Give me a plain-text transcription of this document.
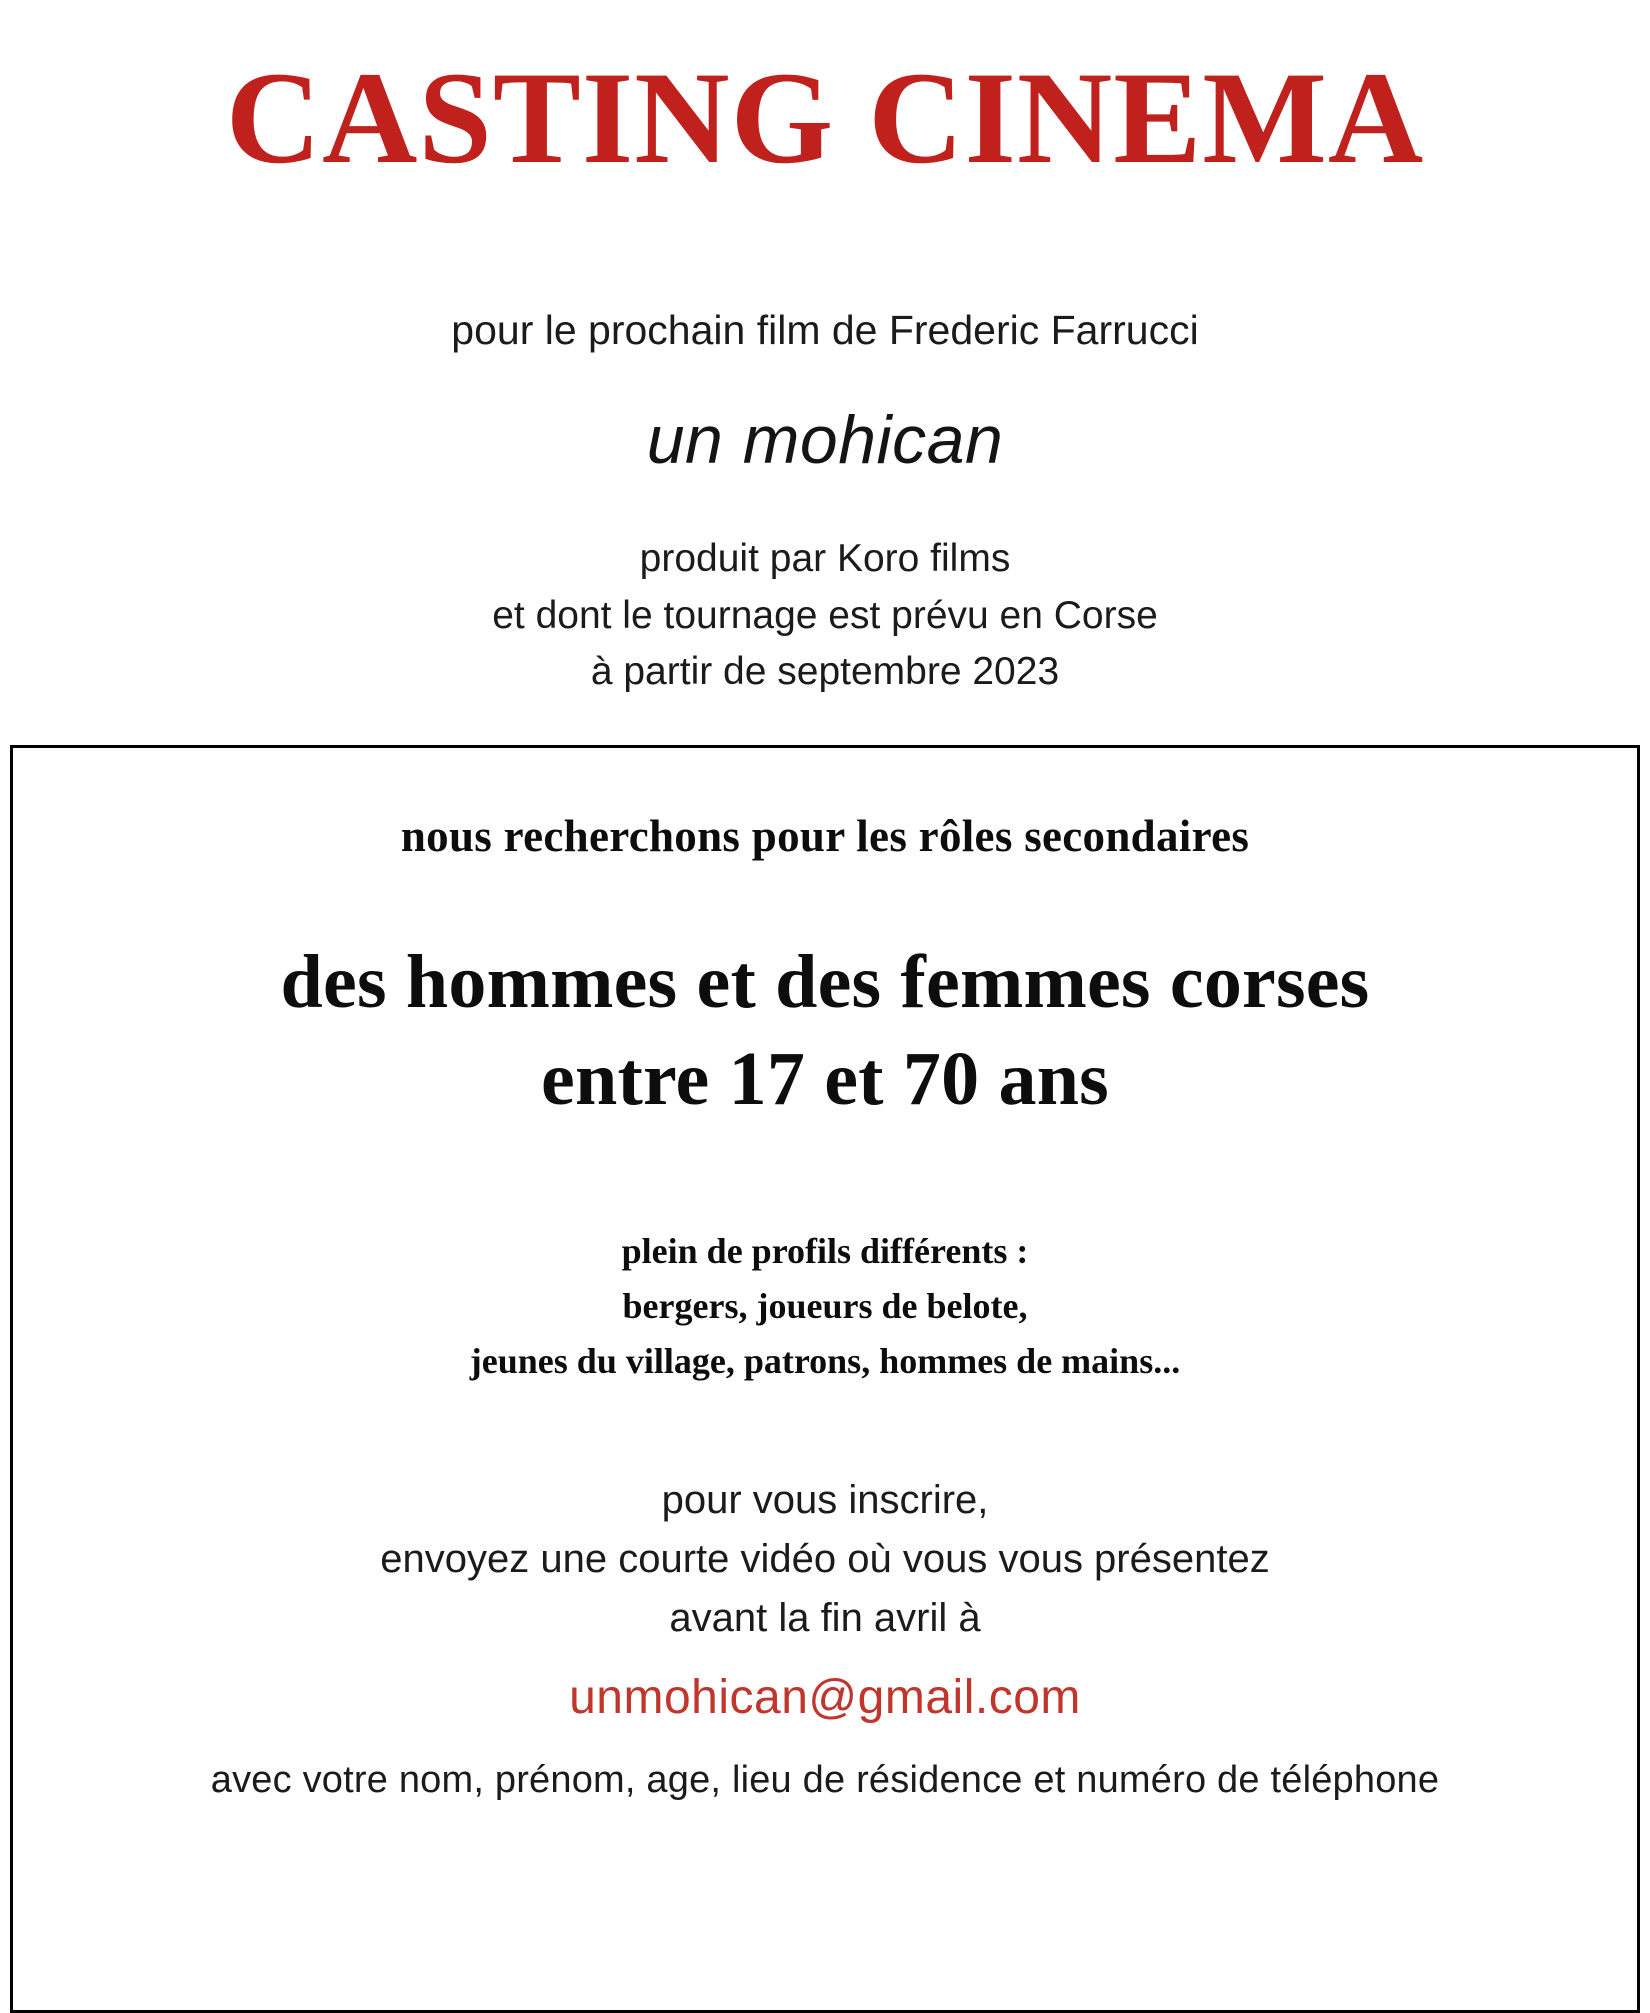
CASTING CINEMA
pour le prochain film de Frederic Farrucci
un mohican
produit par Koro films
et dont le tournage est prévu en Corse
à partir de septembre 2023
nous recherchons pour les rôles secondaires
des hommes et des femmes corses
entre 17 et 70 ans
plein de profils différents :
bergers, joueurs de belote,
jeunes du village, patrons, hommes de mains...
pour vous inscrire,
envoyez une courte vidéo où vous vous présentez
avant la fin avril à
unmohican@gmail.com
avec votre nom, prénom, age, lieu de résidence et numéro de téléphone
